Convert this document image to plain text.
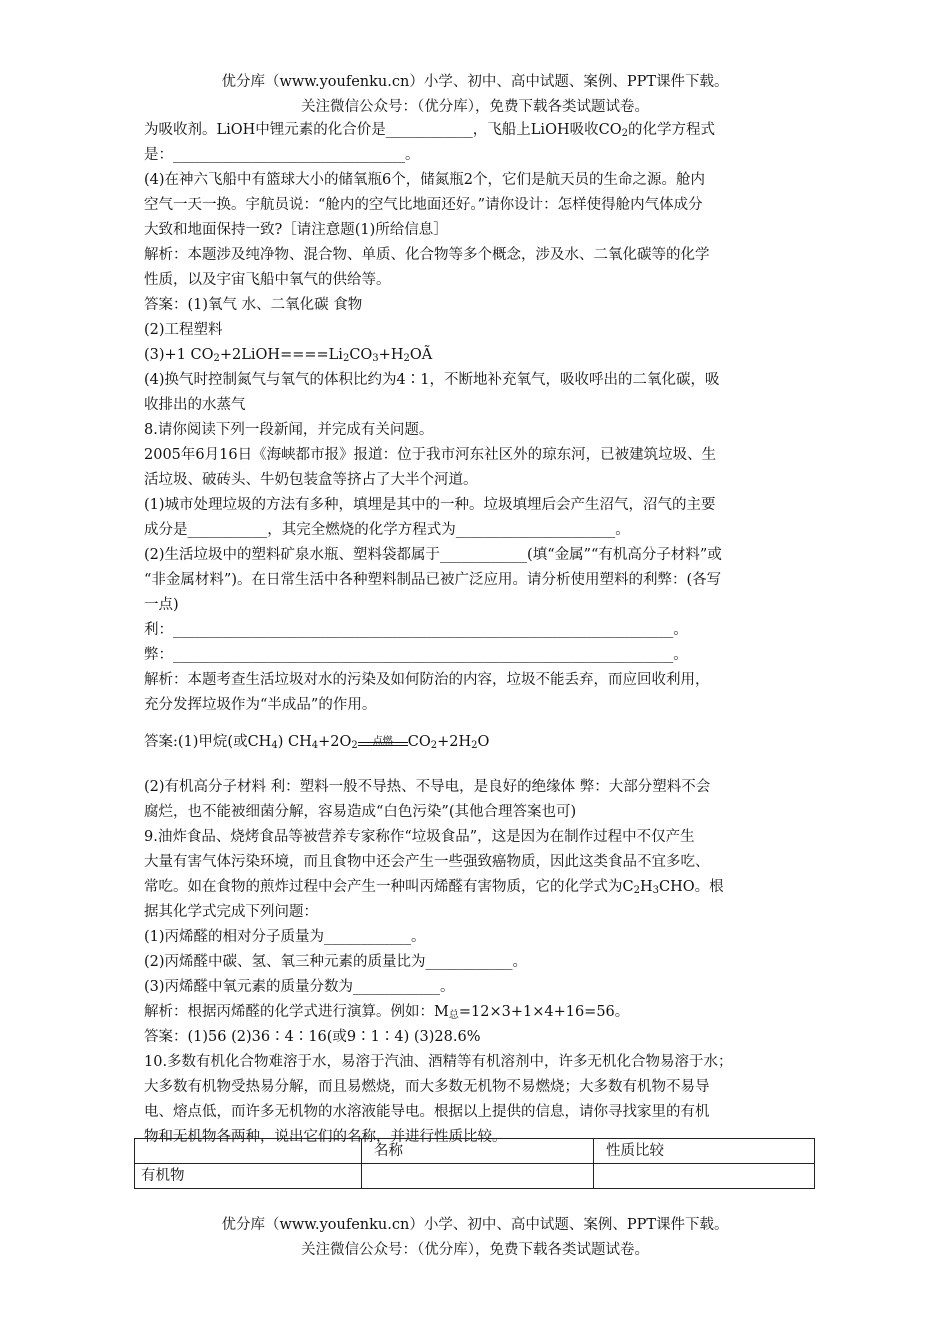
优分库（www.youfenku.cn）小学、初中、高中试题、案例、PPT课件下载。
关注微信公众号：（优分库），免费下载各类试题试卷。

为吸收剂。LiOH中锂元素的化合价是____________，飞船上LiOH吸收$CO_2$的化学方程式

是：________________________________。

(4)在神六飞船中有篮球大小的储氧瓶6个，储氮瓶2个，它们是航天员的生命之源。舱内

空气一天一换。宇航员说：“舱内的空气比地面还好。”请你设计：怎样使得舱内气体成分

大致和地面保持一致?［请注意题(1)所给信息］

解析：本题涉及纯净物、混合物、单质、化合物等多个概念，涉及水、二氧化碳等的化学

性质，以及宇宙飞船中氧气的供给等。

答案：(1)氧气 水、二氧化碳 食物

(2)工程塑料

(3)+1 $CO_2+2LiOH====Li_2CO_3+H_2OÃ$

(4)换气时控制氮气与氧气的体积比约为4∶1，不断地补充氧气，吸收呼出的二氧化碳，吸

收排出的水蒸气

8.请你阅读下列一段新闻，并完成有关问题。

2005年6月16日《海峡都市报》报道：位于我市河东社区外的琼东河，已被建筑垃圾、生

活垃圾、破砖头、牛奶包装盒等挤占了大半个河道。

(1)城市处理垃圾的方法有多种，填埋是其中的一种。垃圾填埋后会产生沼气，沼气的主要

成分是___________，其完全燃烧的化学方程式为______________________。

(2)生活垃圾中的塑料矿泉水瓶、塑料袋都属于____________(填“金属”“有机高分子材料”或

“非金属材料”)。在日常生活中各种塑料制品已被广泛应用。请分析使用塑料的利弊：(各写

一点)

利：_____________________________________________________________________。

弊：_____________________________________________________________________。

解析：本题考查生活垃圾对水的污染及如何防治的内容，垃圾不能丢弃，而应回收利用，

充分发挥垃圾作为“半成品”的作用。

答案:(1)甲烷(或$CH_4$) $CH_4+2O_2$	点燃	$CO_2+2H_2O$

(2)有机高分子材料 利：塑料一般不导热、不导电，是良好的绝缘体 弊：大部分塑料不会

腐烂，也不能被细菌分解，容易造成“白色污染”(其他合理答案也可)

9.油炸食品、烧烤食品等被营养专家称作“垃圾食品”，这是因为在制作过程中不仅产生

大量有害气体污染环境，而且食物中还会产生一些强致癌物质，因此这类食品不宜多吃、

常吃。如在食物的煎炸过程中会产生一种叫丙烯醛有害物质，它的化学式为$C_2H_3CHO$。根

据其化学式完成下列问题：

(1)丙烯醛的相对分子质量为____________。

(2)丙烯醛中碳、氢、氧三种元素的质量比为____________。

(3)丙烯醛中氧元素的质量分数为____________。

解析：根据丙烯醛的化学式进行演算。例如：$M_总=12\times 3+1\times 4+16=56$。

答案：(1)56 (2)36∶4∶16(或9∶1∶4) (3)28.6%

10.多数有机化合物难溶于水，易溶于汽油、酒精等有机溶剂中，许多无机化合物易溶于水；

大多数有机物受热易分解，而且易燃烧，而大多数无机物不易燃烧；大多数有机物不易导

电、熔点低，而许多无机物的水溶液能导电。根据以上提供的信息，请你寻找家里的有机

物和无机物各两种，说出它们的名称，并进行性质比较。

	名称	性质比较
有机物		
优分库（www.youfenku.cn）小学、初中、高中试题、案例、PPT课件下载。
关注微信公众号：（优分库），免费下载各类试题试卷。
